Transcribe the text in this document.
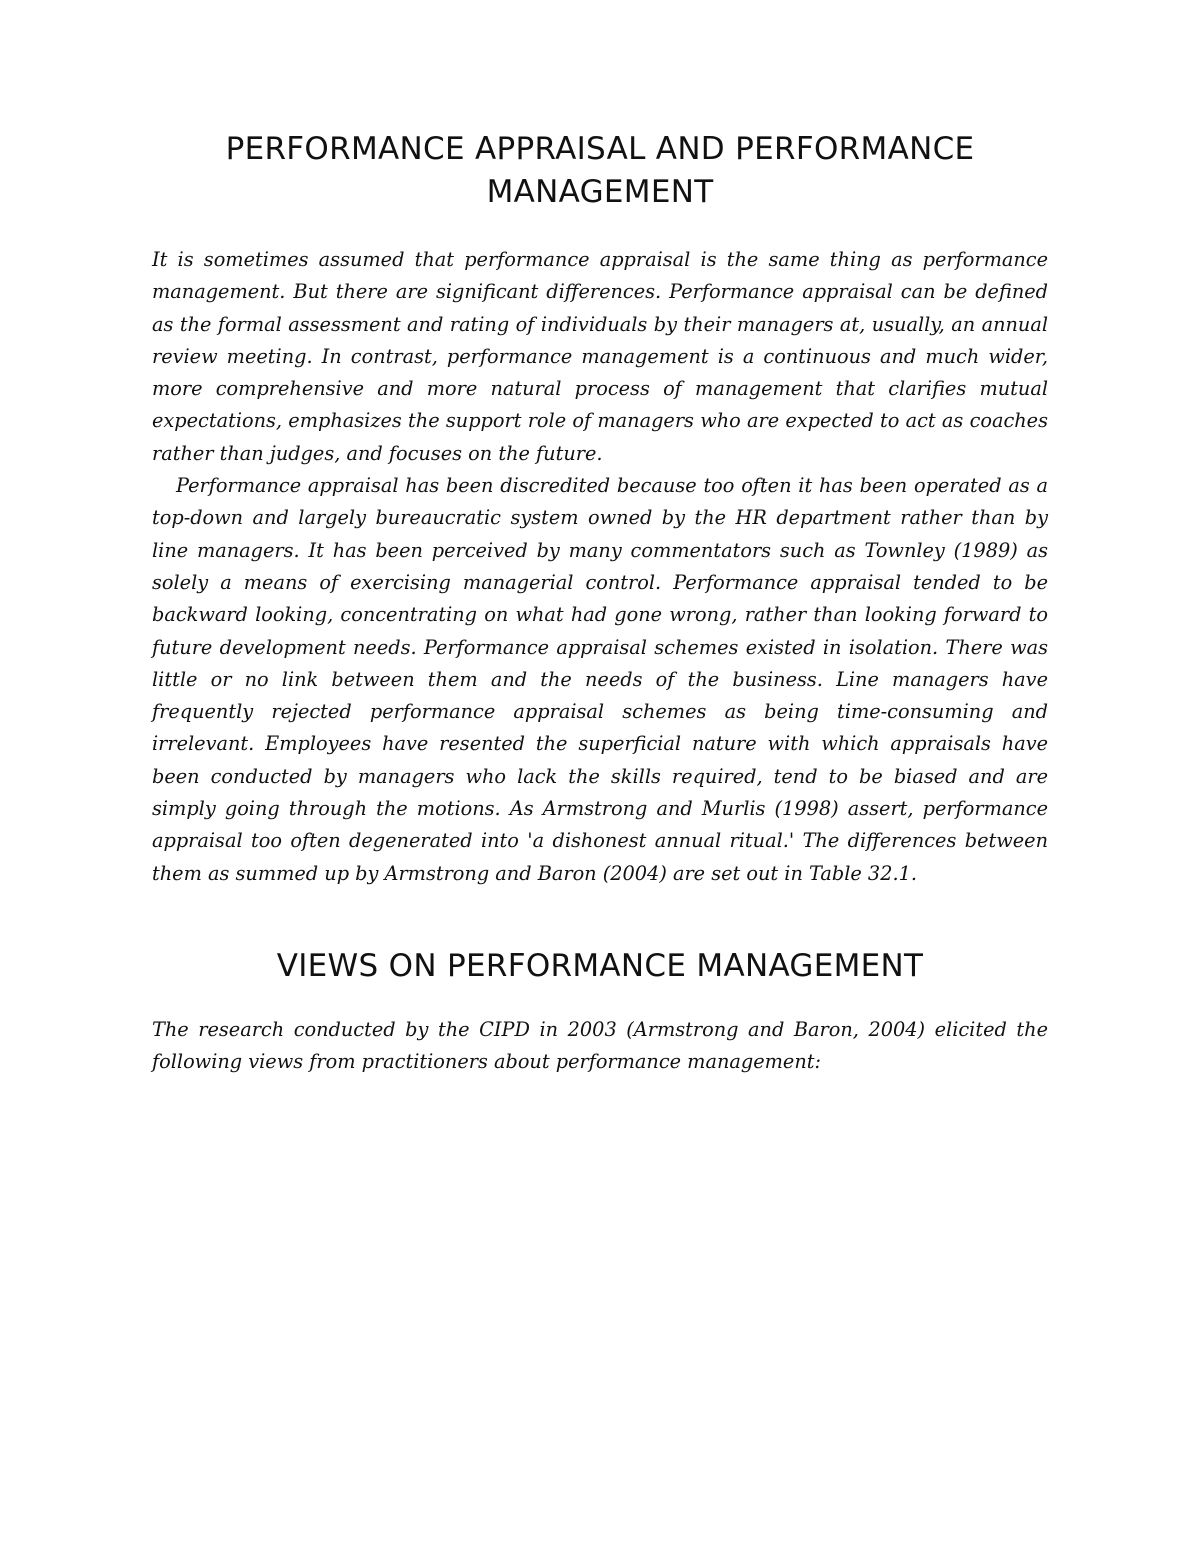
PERFORMANCE APPRAISAL AND PERFORMANCE MANAGEMENT

It is sometimes assumed that performance appraisal is the same thing as performance management. But there are significant differences. Performance appraisal can be defined as the formal assessment and rating of individuals by their managers at, usually, an annual review meeting. In contrast, performance management is a continuous and much wider, more comprehensive and more natural process of management that clarifies mutual expectations, emphasizes the support role of managers who are expected to act as coaches rather than judges, and focuses on the future.

Performance appraisal has been discredited because too often it has been operated as a top-down and largely bureaucratic system owned by the HR department rather than by line managers. It has been perceived by many commentators such as Townley (1989) as solely a means of exercising managerial control. Performance appraisal tended to be backward looking, concentrating on what had gone wrong, rather than looking forward to future development needs. Performance appraisal schemes existed in isolation. There was little or no link between them and the needs of the business. Line managers have frequently rejected performance appraisal schemes as being time-consuming and irrelevant. Employees have resented the superficial nature with which appraisals have been conducted by managers who lack the skills required, tend to be biased and are simply going through the motions. As Armstrong and Murlis (1998) assert, performance appraisal too often degenerated into 'a dishonest annual ritual.' The differences between them as summed up by Armstrong and Baron (2004) are set out in Table 32.1.

VIEWS ON PERFORMANCE MANAGEMENT

The research conducted by the CIPD in 2003 (Armstrong and Baron, 2004) elicited the following views from practitioners about performance management:
